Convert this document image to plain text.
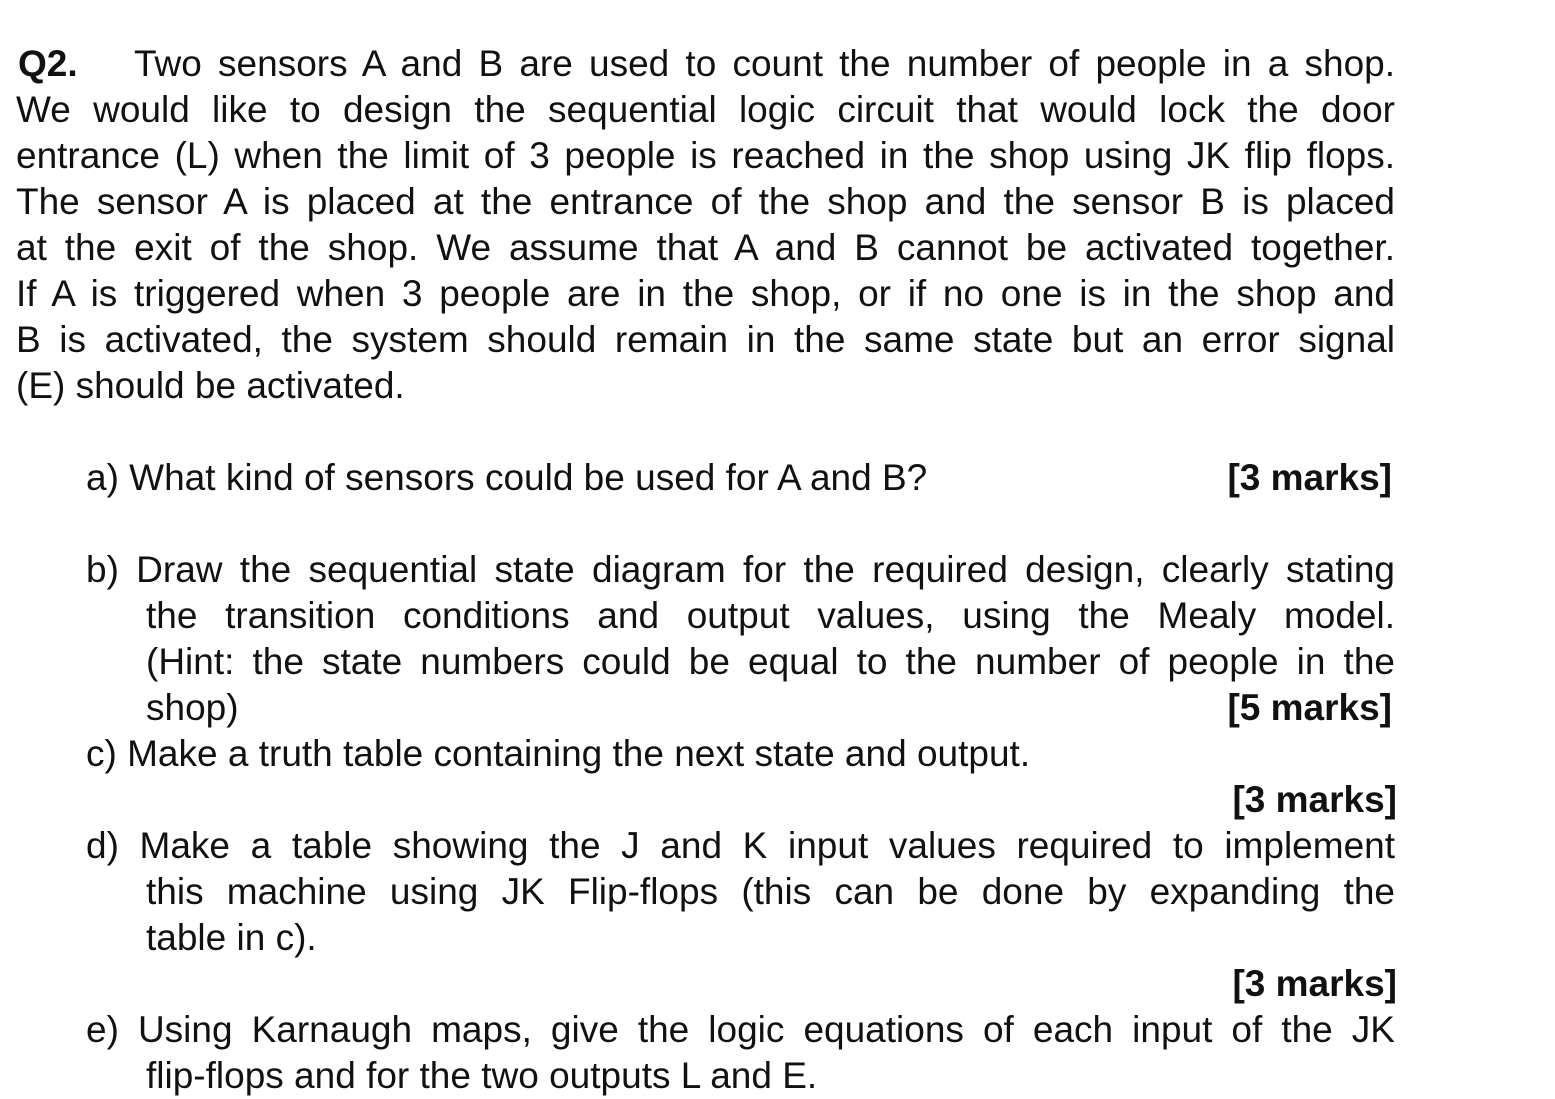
Q2. Two sensors A and B are used to count the number of people in a shop.
We would like to design the sequential logic circuit that would lock the door
entrance (L) when the limit of 3 people is reached in the shop using JK flip flops.
The sensor A is placed at the entrance of the shop and the sensor B is placed
at the exit of the shop. We assume that A and B cannot be activated together.
If A is triggered when 3 people are in the shop, or if no one is in the shop and
B is activated, the system should remain in the same state but an error signal
(E) should be activated.
a) What kind of sensors could be used for A and B?	[3 marks]
b) Draw the sequential state diagram for the required design, clearly stating
the transition conditions and output values, using the Mealy model.
(Hint: the state numbers could be equal to the number of people in the
shop)	[5 marks]
c) Make a truth table containing the next state and output.
[3 marks]
d) Make a table showing the J and K input values required to implement
this machine using JK Flip-flops (this can be done by expanding the
table in c).
[3 marks]
e) Using Karnaugh maps, give the logic equations of each input of the JK
flip-flops and for the two outputs L and E.
